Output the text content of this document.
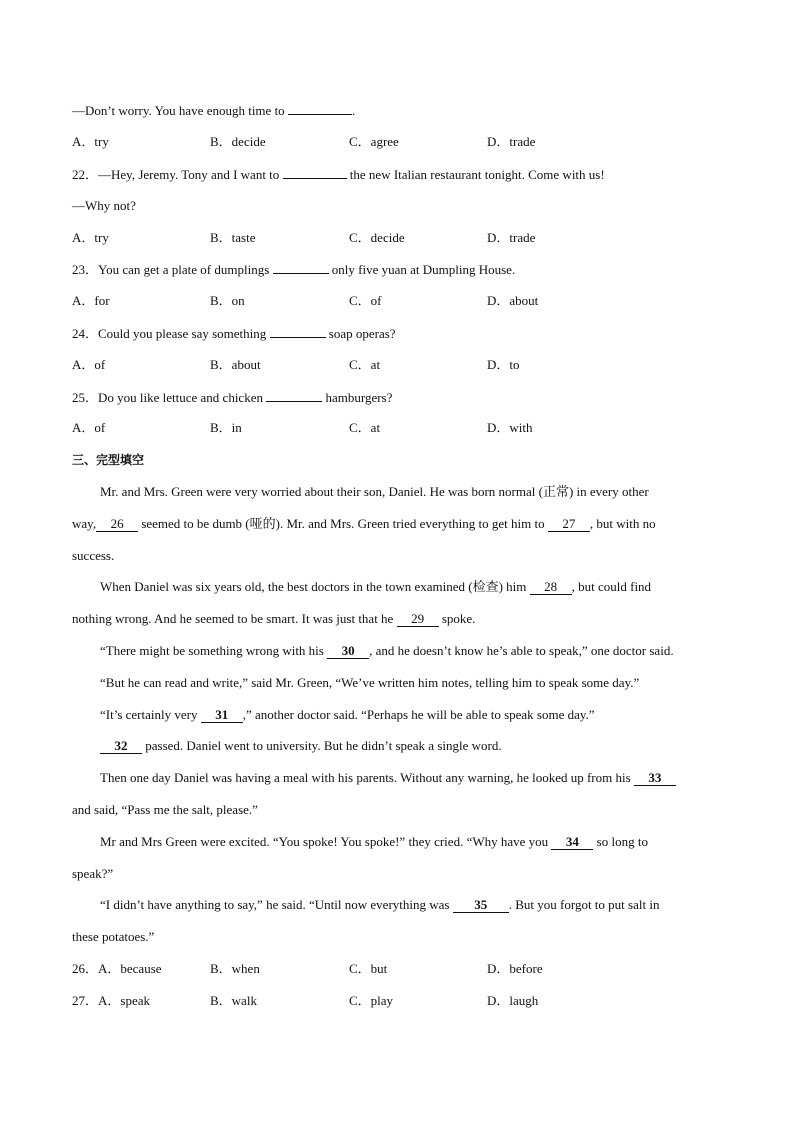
—Don’t worry. You have enough time to	.
A．try	B．decide	C．agree	D．trade
22．—Hey, Jeremy. Tony and I want to	the new Italian restaurant tonight. Come with us!
—Why not?
A．try	B．taste	C．decide	D．trade
23．You can get a plate of dumplings	only five yuan at Dumpling House.
A．for	B．on	C．of	D．about
24．Could you please say something	soap operas?
A．of	B．about	C．at	D．to
25．Do you like lettuce and chicken	hamburgers?
A．of	B．in	C．at	D．with
三、完型填空
Mr. and Mrs. Green were very worried about their son, Daniel. He was born normal (正常) in every other
way, 26 seemed to be dumb (哑的). Mr. and Mrs. Green tried everything to get him to 27 , but with no
success.
When Daniel was six years old, the best doctors in the town examined (检查) him 28 , but could find
nothing wrong. And he seemed to be smart. It was just that he 29 spoke.
“There might be something wrong with his 30 , and he doesn’t know he’s able to speak,” one doctor said.
“But he can read and write,” said Mr. Green, “We’ve written him notes, telling him to speak some day.”
“It’s certainly very 31 ,” another doctor said. “Perhaps he will be able to speak some day.”
32 passed. Daniel went to university. But he didn’t speak a single word.
Then one day Daniel was having a meal with his parents. Without any warning, he looked up from his 33
and said, “Pass me the salt, please.”
Mr and Mrs Green were excited. “You spoke! You spoke!” they cried. “Why have you 34 so long to
speak?”
“I didn’t have anything to say,” he said. “Until now everything was 35 . But you forgot to put salt in
these potatoes.”
26．A．because	B．when	C．but	D．before
27．A．speak	B．walk	C．play	D．laugh
